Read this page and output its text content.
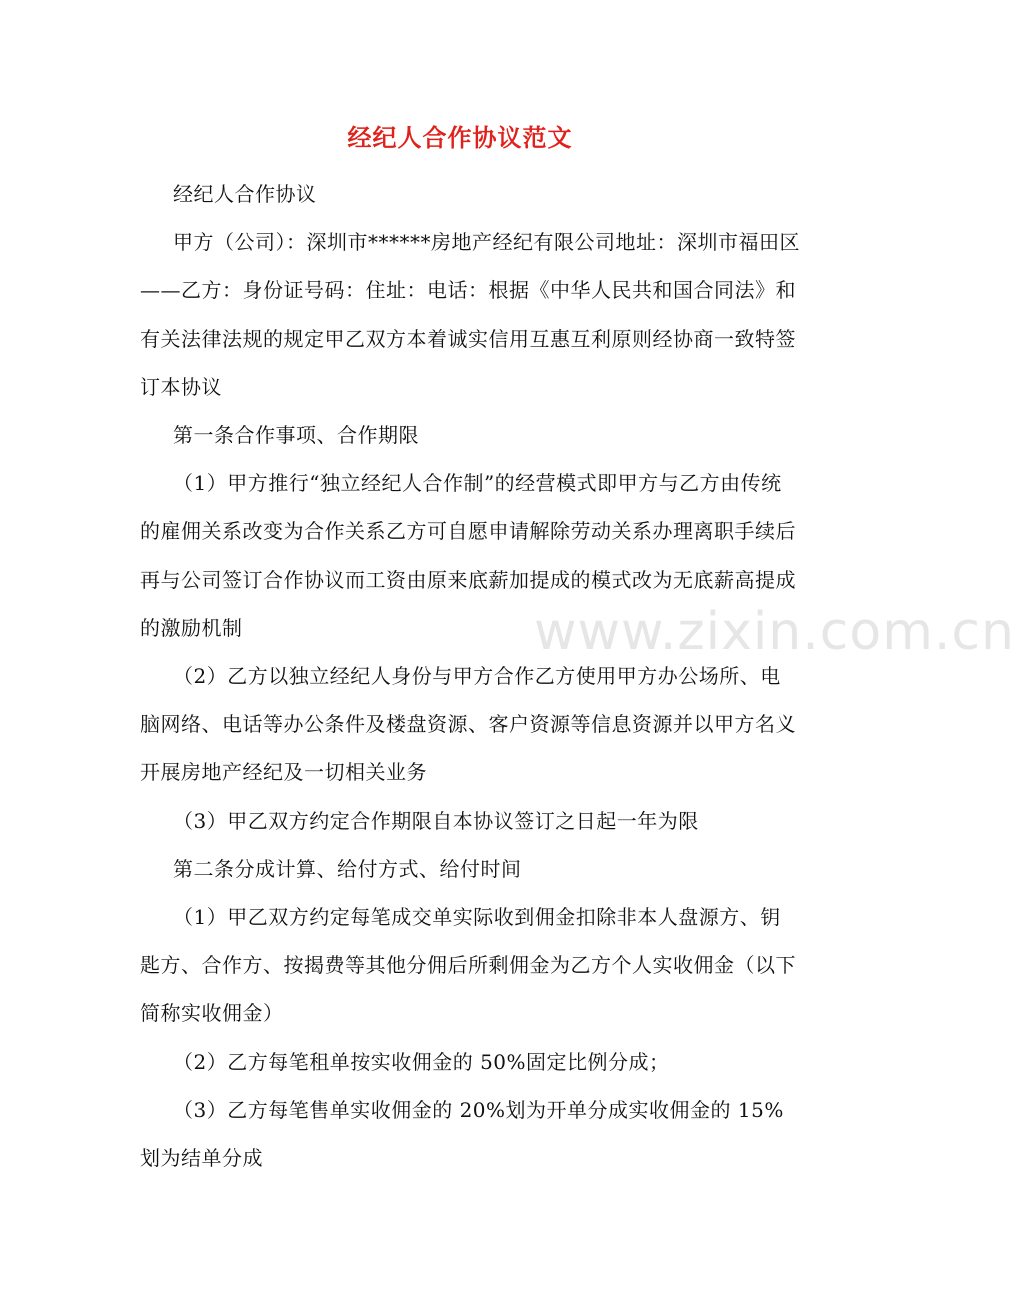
www.zixin.com.cn
经纪人合作协议范文

经纪人合作协议

甲方（公司）：深圳市******房地产经纪有限公司地址：深圳市福田区——乙方：身份证号码：住址：电话：根据《中华人民共和国合同法》和有关法律法规的规定甲乙双方本着诚实信用互惠互利原则经协商一致特签订本协议

第一条合作事项、合作期限

（1）甲方推行“独立经纪人合作制”的经营模式即甲方与乙方由传统的雇佣关系改变为合作关系乙方可自愿申请解除劳动关系办理离职手续后再与公司签订合作协议而工资由原来底薪加提成的模式改为无底薪高提成的激励机制

（2）乙方以独立经纪人身份与甲方合作乙方使用甲方办公场所、电脑网络、电话等办公条件及楼盘资源、客户资源等信息资源并以甲方名义开展房地产经纪及一切相关业务

（3）甲乙双方约定合作期限自本协议签订之日起一年为限

第二条分成计算、给付方式、给付时间

（1）甲乙双方约定每笔成交单实际收到佣金扣除非本人盘源方、钥匙方、合作方、按揭费等其他分佣后所剩佣金为乙方个人实收佣金（以下简称实收佣金）

（2）乙方每笔租单按实收佣金的 50%固定比例分成；

（3）乙方每笔售单实收佣金的 20%划为开单分成实收佣金的 15%划为结单分成
